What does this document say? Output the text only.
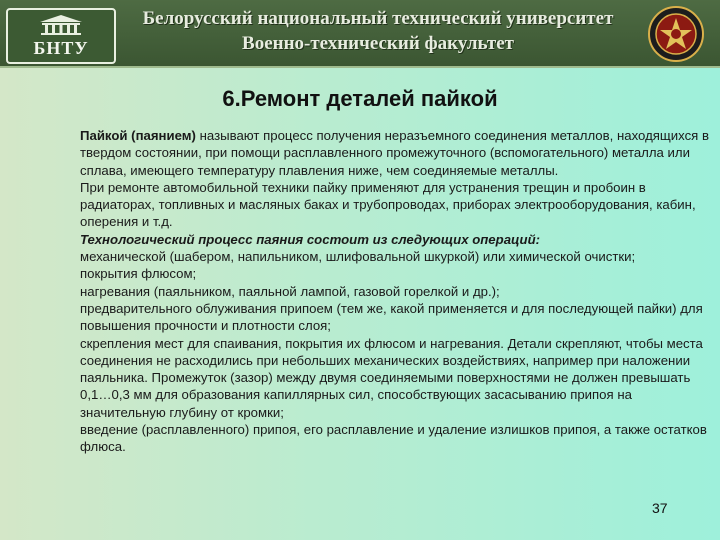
БНТУ
Белорусский национальный технический университет
Военно-технический факультет
6.Ремонт деталей пайкой

Пайкой (паянием) называют процесс получения неразъемного соединения металлов, находящихся в твердом состоянии, при помощи расплавленного промежуточного (вспомогательного) металла или сплава, имеющего температуру плавления ниже, чем соединяемые металлы.

При ремонте автомобильной техники пайку применяют для устранения трещин и пробоин в радиаторах, топливных и масляных баках и трубопроводах, приборах электрооборудования, кабин, оперения и т.д.

Технологический процесс паяния состоит из следующих операций:

механической (шабером, напильником, шлифовальной шкуркой) или химической очистки;

покрытия флюсом;

нагревания (паяльником, паяльной лампой, газовой горелкой и др.);

предварительного облуживания припоем (тем же, какой применяется и для последующей пайки) для повышения прочности и плотности слоя;

скрепления мест для спаивания, покрытия их флюсом и нагревания. Детали скрепляют, чтобы места соединения не расходились при небольших механических воздействиях, например при наложении паяльника. Промежуток (зазор) между двумя соединяемыми поверхностями не должен превышать 0,1…0,3 мм для образования капиллярных сил, способствующих засасыванию припоя на значительную глубину от кромки;

введение (расплавленного) припоя, его расплавление и удаление излишков припоя, а также остатков флюса.

37
